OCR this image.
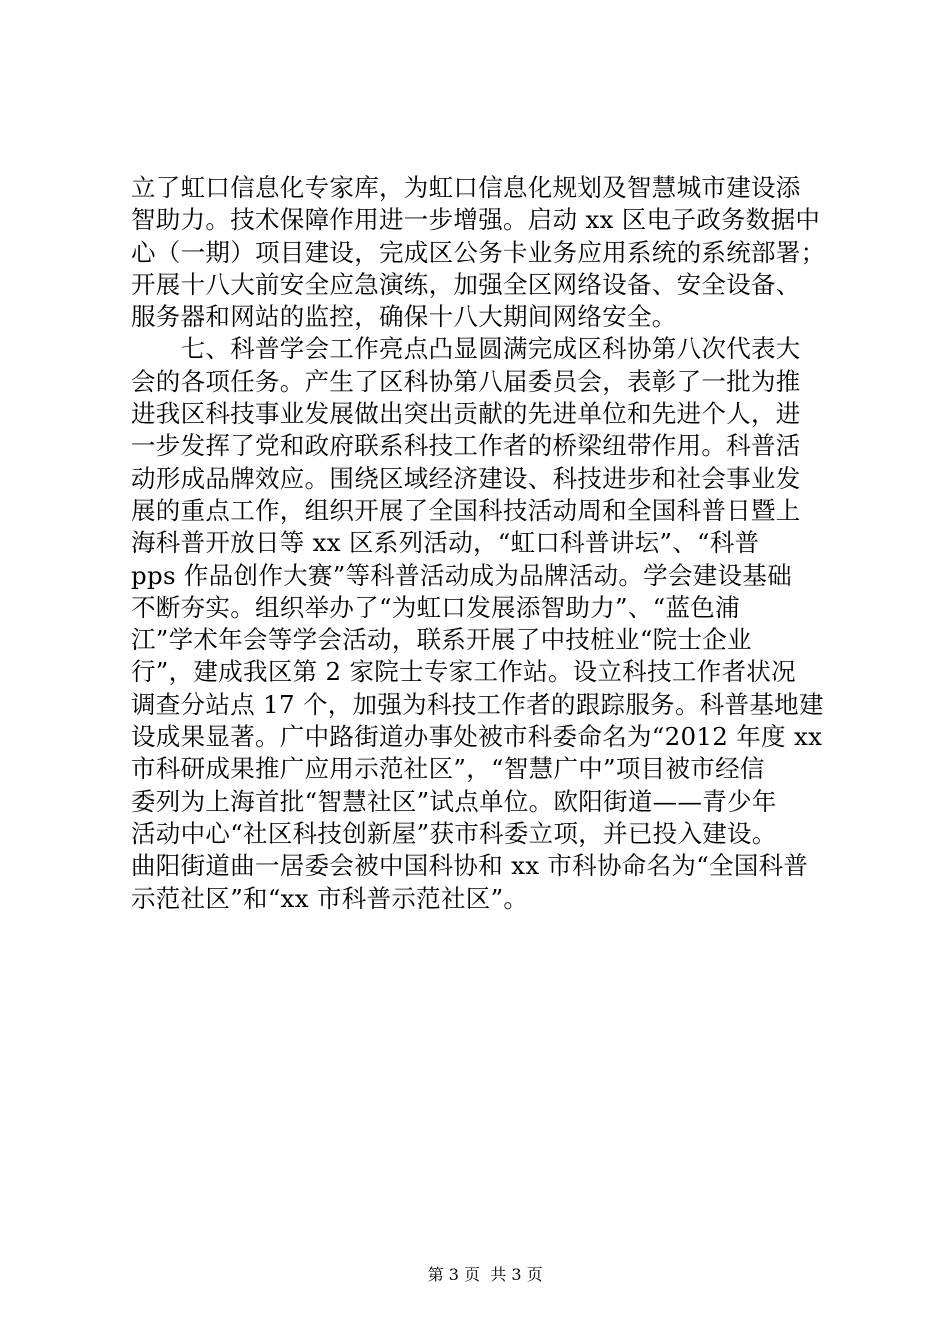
立了虹口信息化专家库，为虹口信息化规划及智慧城市建设添
智助力。技术保障作用进一步增强。启动 xx 区电子政务数据中
心（一期）项目建设，完成区公务卡业务应用系统的系统部署；
开展十八大前安全应急演练，加强全区网络设备、安全设备、
服务器和网站的监控，确保十八大期间网络安全。
　　七、科普学会工作亮点凸显圆满完成区科协第八次代表大
会的各项任务。产生了区科协第八届委员会，表彰了一批为推
进我区科技事业发展做出突出贡献的先进单位和先进个人，进
一步发挥了党和政府联系科技工作者的桥梁纽带作用。科普活
动形成品牌效应。围绕区域经济建设、科技进步和社会事业发
展的重点工作，组织开展了全国科技活动周和全国科普日暨上
海科普开放日等 xx 区系列活动，“虹口科普讲坛”、“科普
pps 作品创作大赛”等科普活动成为品牌活动。学会建设基础
不断夯实。组织举办了“为虹口发展添智助力”、“蓝色浦
江”学术年会等学会活动，联系开展了中技桩业“院士企业
行”，建成我区第 2 家院士专家工作站。设立科技工作者状况
调查分站点 17 个，加强为科技工作者的跟踪服务。科普基地建
设成果显著。广中路街道办事处被市科委命名为“2012 年度 xx
市科研成果推广应用示范社区”，“智慧广中”项目被市经信
委列为上海首批“智慧社区”试点单位。欧阳街道——青少年
活动中心“社区科技创新屋”获市科委立项，并已投入建设。
曲阳街道曲一居委会被中国科协和 xx 市科协命名为“全国科普
示范社区”和“xx 市科普示范社区”。

第 3 页  共 3 页
